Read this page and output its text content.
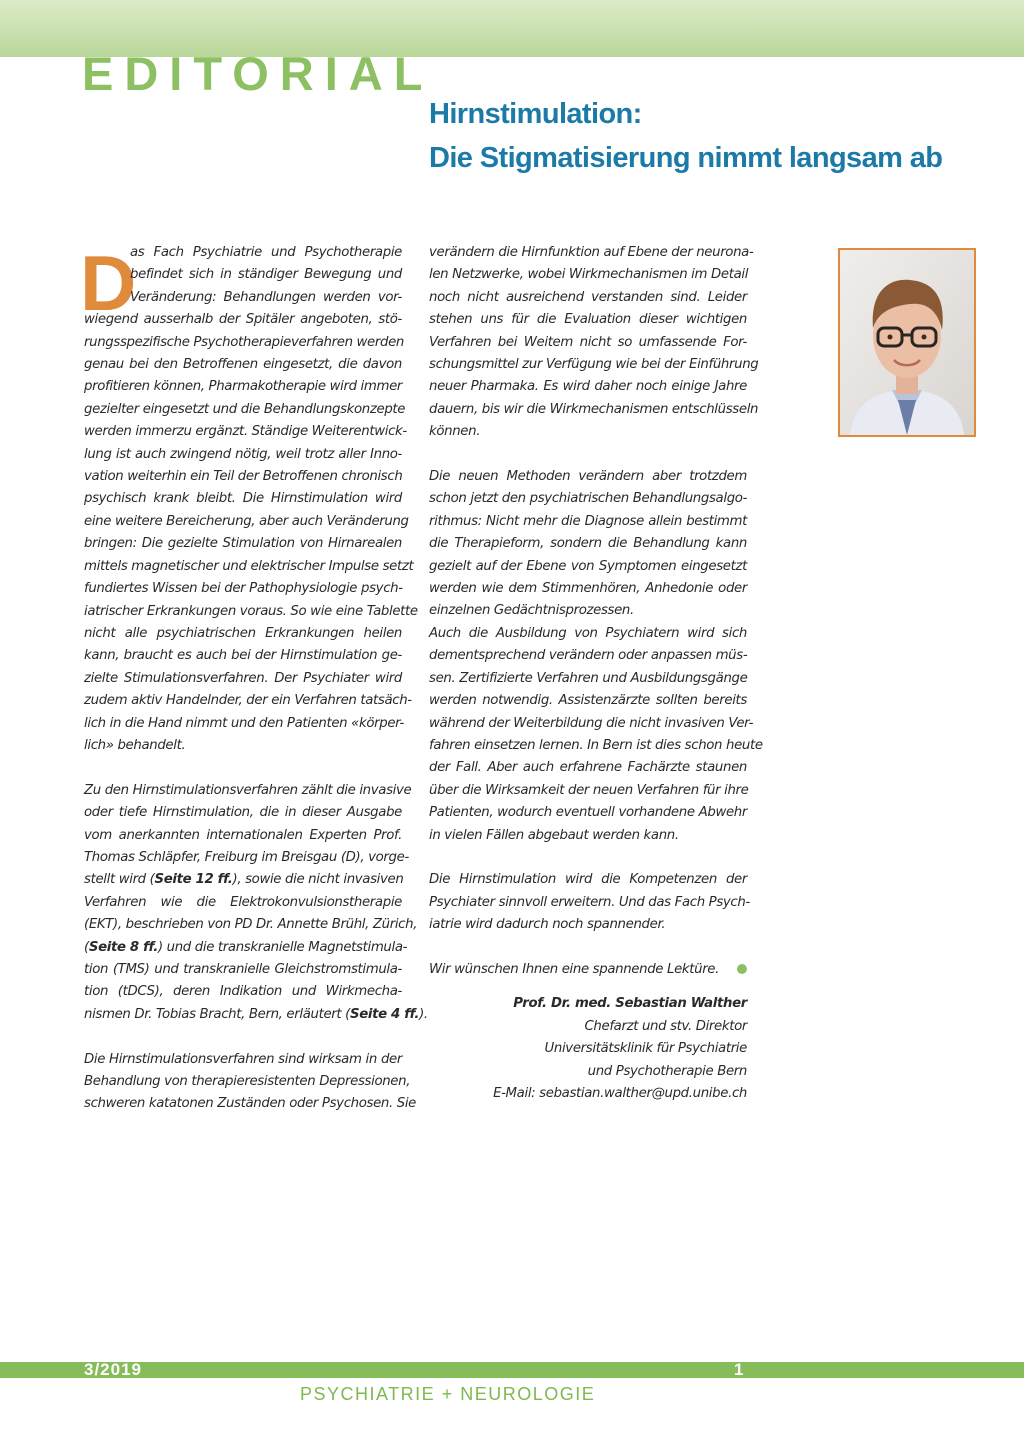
EDITORIAL
Hirnstimulation:
Die Stigmatisierung nimmt langsam ab
D
as Fach Psychiatrie und Psychotherapie
befindet sich in ständiger Bewegung und
Veränderung: Behandlungen werden vor-
wiegend ausserhalb der Spitäler angeboten, stö-
rungsspezifische Psychotherapieverfahren werden
genau bei den Betroffenen eingesetzt, die davon
profitieren können, Pharmakotherapie wird immer
gezielter eingesetzt und die Behandlungskonzepte
werden immerzu ergänzt. Ständige Weiterentwick-
lung ist auch zwingend nötig, weil trotz aller Inno-
vation weiterhin ein Teil der Betroffenen chronisch
psychisch krank bleibt. Die Hirnstimulation wird
eine weitere Bereicherung, aber auch Veränderung
bringen: Die gezielte Stimulation von Hirnarealen
mittels magnetischer und elektrischer Impulse setzt
fundiertes Wissen bei der Pathophysiologie psych-
iatrischer Erkrankungen voraus. So wie eine Tablette
nicht alle psychiatrischen Erkrankungen heilen
kann, braucht es auch bei der Hirnstimulation ge-
zielte Stimulationsverfahren. Der Psychiater wird
zudem aktiv Handelnder, der ein Verfahren tatsäch-
lich in die Hand nimmt und den Patienten «körper-
lich» behandelt.
Zu den Hirnstimulationsverfahren zählt die invasive
oder tiefe Hirnstimulation, die in dieser Ausgabe
vom anerkannten internationalen Experten Prof.
Thomas Schläpfer, Freiburg im Breisgau (D), vorge-
stellt wird (Seite 12 ff.), sowie die nicht invasiven
Verfahren wie die Elektrokonvulsionstherapie
(EKT), beschrieben von PD Dr. Annette Brühl, Zürich,
(Seite 8 ff.) und die transkranielle Magnetstimula-
tion (TMS) und transkranielle Gleichstromstimula-
tion (tDCS), deren Indikation und Wirkmecha-
nismen Dr. Tobias Bracht, Bern, erläutert (Seite 4 ff.).
Die Hirnstimulationsverfahren sind wirksam in der
Behandlung von therapieresistenten Depressionen,
schweren katatonen Zuständen oder Psychosen. Sie
verändern die Hirnfunktion auf Ebene der neurona-
len Netzwerke, wobei Wirkmechanismen im Detail
noch nicht ausreichend verstanden sind. Leider
stehen uns für die Evaluation dieser wichtigen
Verfahren bei Weitem nicht so umfassende For-
schungsmittel zur Verfügung wie bei der Einführung
neuer Pharmaka. Es wird daher noch einige Jahre
dauern, bis wir die Wirkmechanismen entschlüsseln
können.
Die neuen Methoden verändern aber trotzdem
schon jetzt den psychiatrischen Behandlungsalgo-
rithmus: Nicht mehr die Diagnose allein bestimmt
die Therapieform, sondern die Behandlung kann
gezielt auf der Ebene von Symptomen eingesetzt
werden wie dem Stimmenhören, Anhedonie oder
einzelnen Gedächtnisprozessen.
Auch die Ausbildung von Psychiatern wird sich
dementsprechend verändern oder anpassen müs-
sen. Zertifizierte Verfahren und Ausbildungsgänge
werden notwendig. Assistenzärzte sollten bereits
während der Weiterbildung die nicht invasiven Ver-
fahren einsetzen lernen. In Bern ist dies schon heute
der Fall. Aber auch erfahrene Fachärzte staunen
über die Wirksamkeit der neuen Verfahren für ihre
Patienten, wodurch eventuell vorhandene Abwehr
in vielen Fällen abgebaut werden kann.
Die Hirnstimulation wird die Kompetenzen der
Psychiater sinnvoll erweitern. Und das Fach Psych-
iatrie wird dadurch noch spannender.
Wir wünschen Ihnen eine spannende Lektüre.
Prof. Dr. med. Sebastian Walther
Chefarzt und stv. Direktor
Universitätsklinik für Psychiatrie
und Psychotherapie Bern
E-Mail: sebastian.walther@upd.unibe.ch
3/2019	1
PSYCHIATRIE + NEUROLOGIE
